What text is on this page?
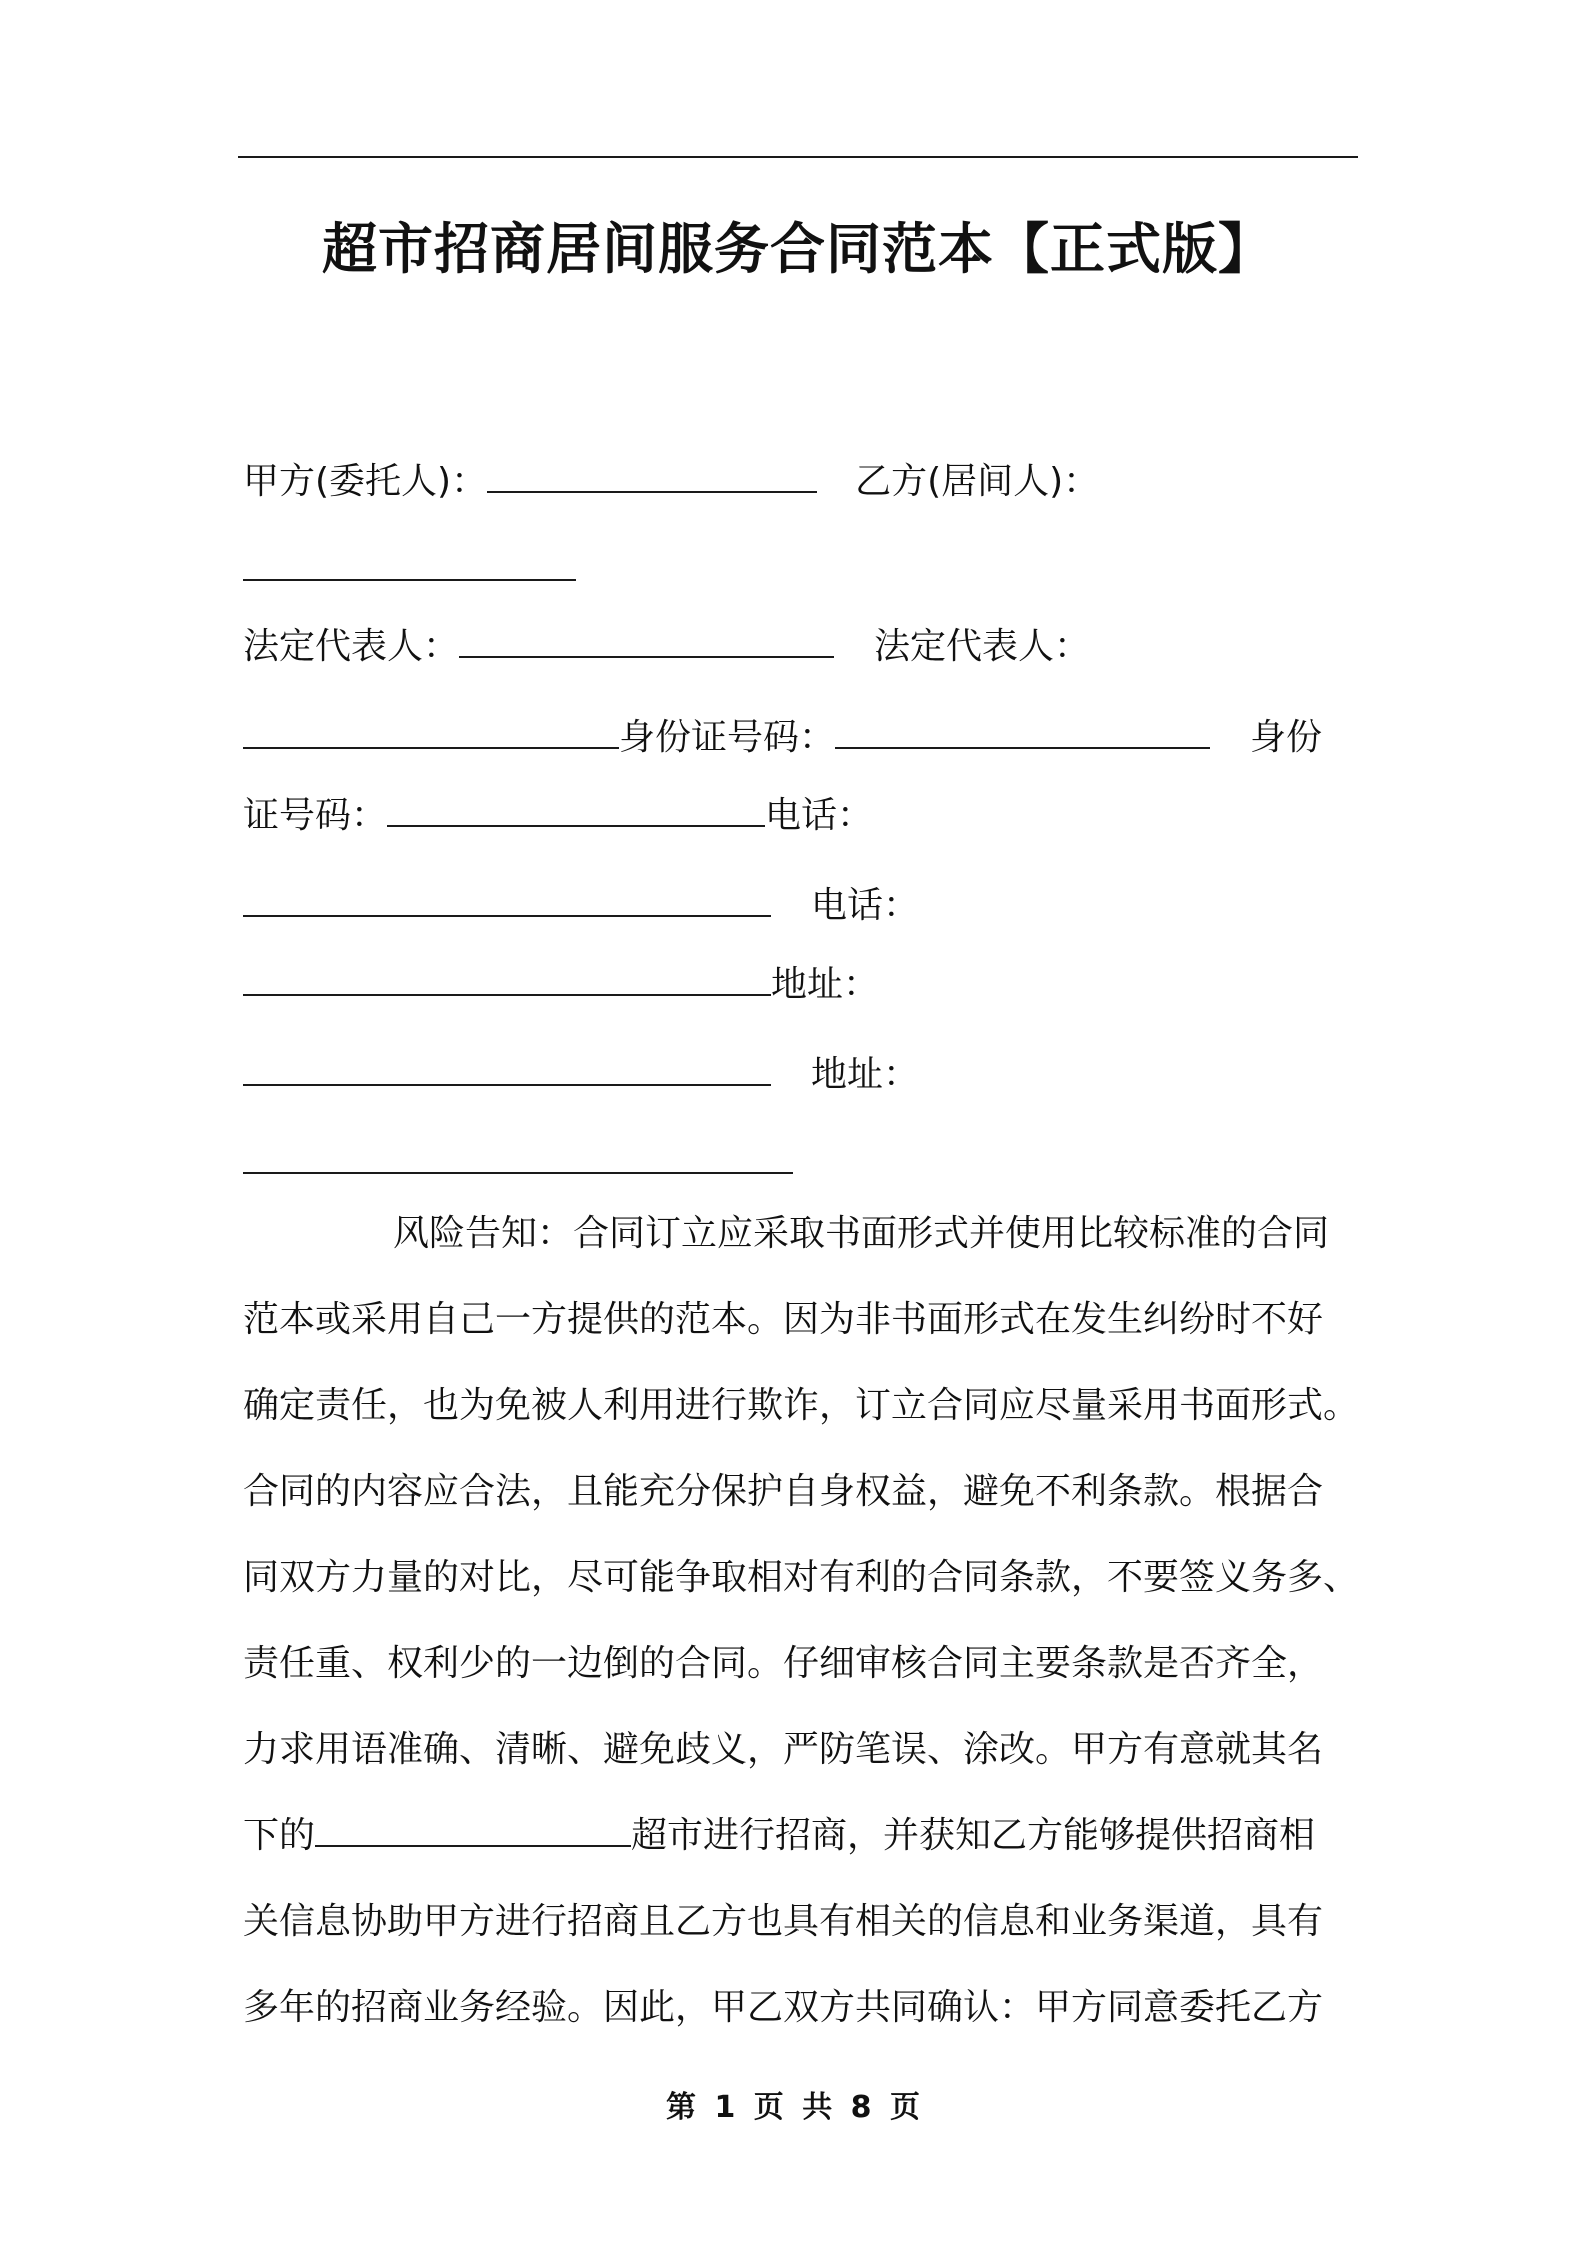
超市招商居间服务合同范本【正式版】
甲方(委托人)：	乙方(居间人)：
法定代表人：	法定代表人：
身份证号码：	身份
证号码：	电话：
电话：
地址：
地址：
风险告知：合同订立应采取书面形式并使用比较标准的合同
范本或采用自己一方提供的范本。因为非书面形式在发生纠纷时不好
确定责任，也为免被人利用进行欺诈，订立合同应尽量采用书面形式。
合同的内容应合法，且能充分保护自身权益，避免不利条款。根据合
同双方力量的对比，尽可能争取相对有利的合同条款，不要签义务多、
责任重、权利少的一边倒的合同。仔细审核合同主要条款是否齐全，
力求用语准确、清晰、避免歧义，严防笔误、涂改。甲方有意就其名
下的	超市进行招商，并获知乙方能够提供招商相
关信息协助甲方进行招商且乙方也具有相关的信息和业务渠道，具有
多年的招商业务经验。因此，甲乙双方共同确认：甲方同意委托乙方
第 1 页 共 8 页
